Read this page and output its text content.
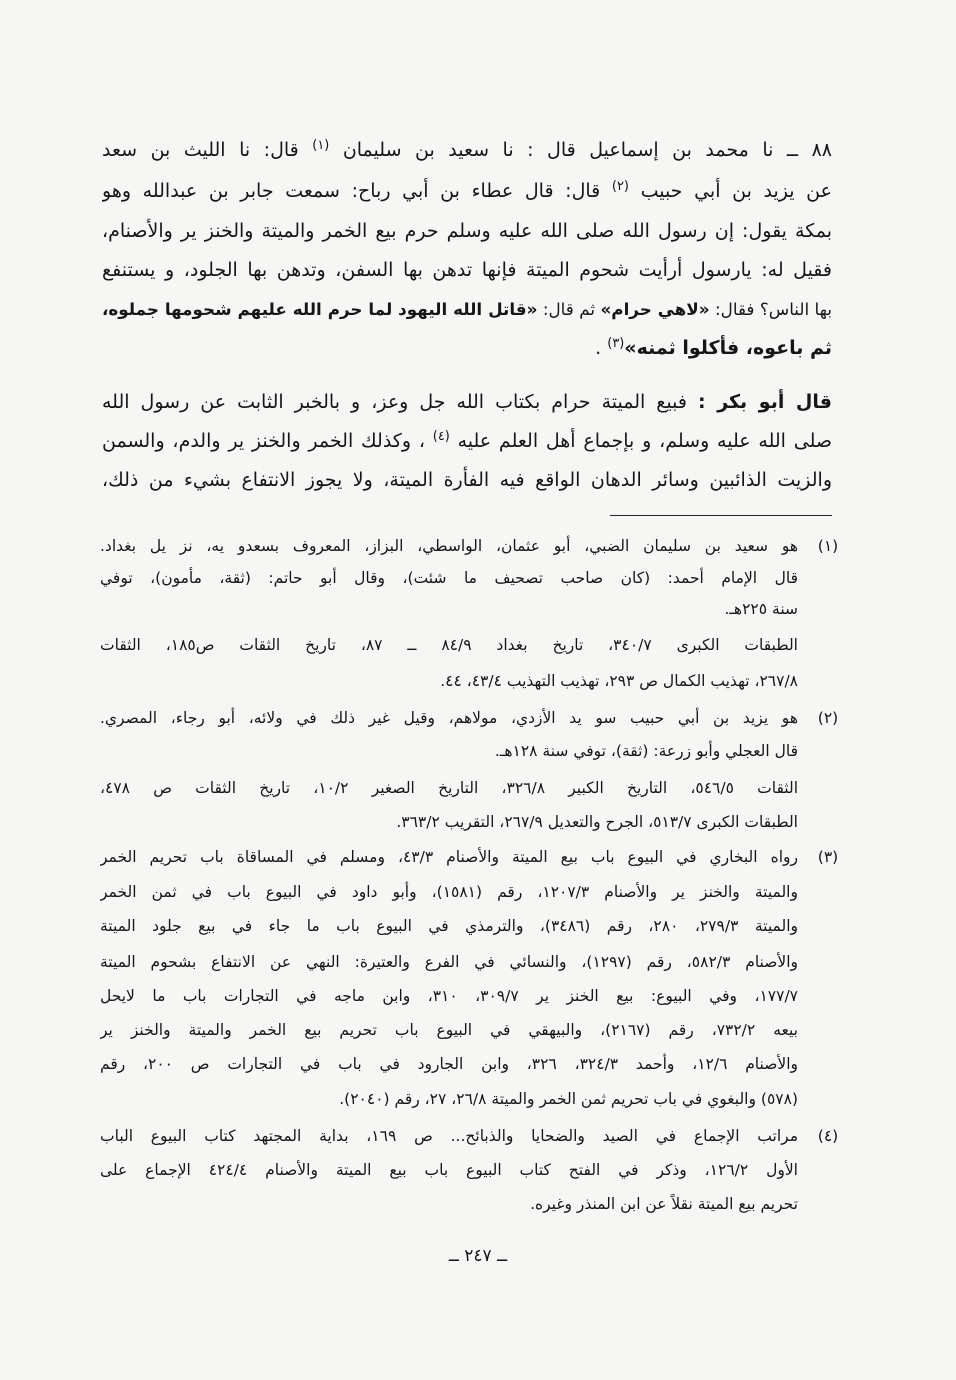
٨٨ ــ نا محمد بن إسماعيل قال : نا سعيد بن سليمان $^{(١)}$ قال: نا الليث بن سعد
عن يزيد بن أبي حبيب $^{(٢)}$ قال: قال عطاء بن أبي رباح: سمعت جابر بن عبدالله وهو
بمكة يقول: إن رسول الله صلى الله عليه وسلم حرم بيع الخمر والميتة والخنز ير والأصنام،
فقيل له: يارسول أرأيت شحوم الميتة فإنها تدهن بها السفن، وتدهن بها الجلود، و يستنفع
بها الناس؟ فقال: «لاهي حرام» ثم قال: «قاتل الله اليهود لما حرم الله عليهم شحومها جملوه،
ثم باعوه، فأكلوا ثمنه»$^{(٣)}$ .
قال أبو بكر : فبيع الميتة حرام بكتاب الله جل وعز، و بالخبر الثابت عن رسول الله
صلى الله عليه وسلم، و بإجماع أهل العلم عليه $^{(٤)}$ ، وكذلك الخمر والخنز ير والدم، والسمن
والزيت الذائبين وسائر الدهان الواقع فيه الفأرة الميتة، ولا يجوز الانتفاع بشيء من ذلك،
(١)
هو سعيد بن سليمان الضبي، أبو عثمان، الواسطي، البزاز، المعروف بسعدو يه، نز يل بغداد.
قال الإمام أحمد: (كان صاحب تصحيف ما شئت)، وقال أبو حاتم: (ثقة، مأمون)، توفي
سنة ٢٢٥هـ.
الطبقات الكبرى ٣٤٠/٧، تاريخ بغداد ٨٤/٩ ــ ٨٧، تاريخ الثقات ص١٨٥، الثقات
٢٦٧/٨، تهذيب الكمال ص ٢٩٣، تهذيب التهذيب ٤٣/٤، ٤٤.
(٢)
هو يزيد بن أبي حبيب سو يد الأزدي، مولاهم، وقيل غير ذلك في ولائه، أبو رجاء، المصري.
قال العجلي وأبو زرعة: (ثقة)، توفي سنة ١٢٨هـ.
الثقات ٥٤٦/٥، التاريخ الكبير ٣٢٦/٨، التاريخ الصغير ١٠/٢، تاريخ الثقات ص ٤٧٨،
الطبقات الكبرى ٥١٣/٧، الجرح والتعديل ٢٦٧/٩، التقريب ٣٦٣/٢.
(٣)
رواه البخاري في البيوع باب بيع الميتة والأصنام ٤٣/٣، ومسلم في المساقاة باب تحريم الخمر
والميتة والخنز ير والأصنام ١٢٠٧/٣، رقم (١٥٨١)، وأبو داود في البيوع باب في ثمن الخمر
والميتة ٢٧٩/٣، ٢٨٠، رقم (٣٤٨٦)، والترمذي في البيوع باب ما جاء في بيع جلود الميتة
والأصنام ٥٨٢/٣، رقم (١٢٩٧)، والنسائي في الفرع والعتيرة: النهي عن الانتفاع بشحوم الميتة
١٧٧/٧، وفي البيوع: بيع الخنز ير ٣٠٩/٧، ٣١٠، وابن ماجه في التجارات باب ما لايحل
بيعه ٧٣٢/٢، رقم (٢١٦٧)، والبيهقي في البيوع باب تحريم بيع الخمر والميتة والخنز ير
والأصنام ١٢/٦، وأحمد ٣٢٤/٣، ٣٢٦، وابن الجارود في باب في التجارات ص ٢٠٠، رقم
(٥٧٨) والبغوي في باب تحريم ثمن الخمر والميتة ٢٦/٨، ٢٧، رقم (٢٠٤٠).
(٤)
مراتب الإجماع في الصيد والضحايا والذبائح... ص ١٦٩، بداية المجتهد كتاب البيوع الباب
الأول ١٢٦/٢، وذكر في الفتح كتاب البيوع باب بيع الميتة والأصنام ٤٢٤/٤ الإجماع على
تحريم بيع الميتة نقلاً عن ابن المنذر وغيره.
ــ ٢٤٧ ــ
